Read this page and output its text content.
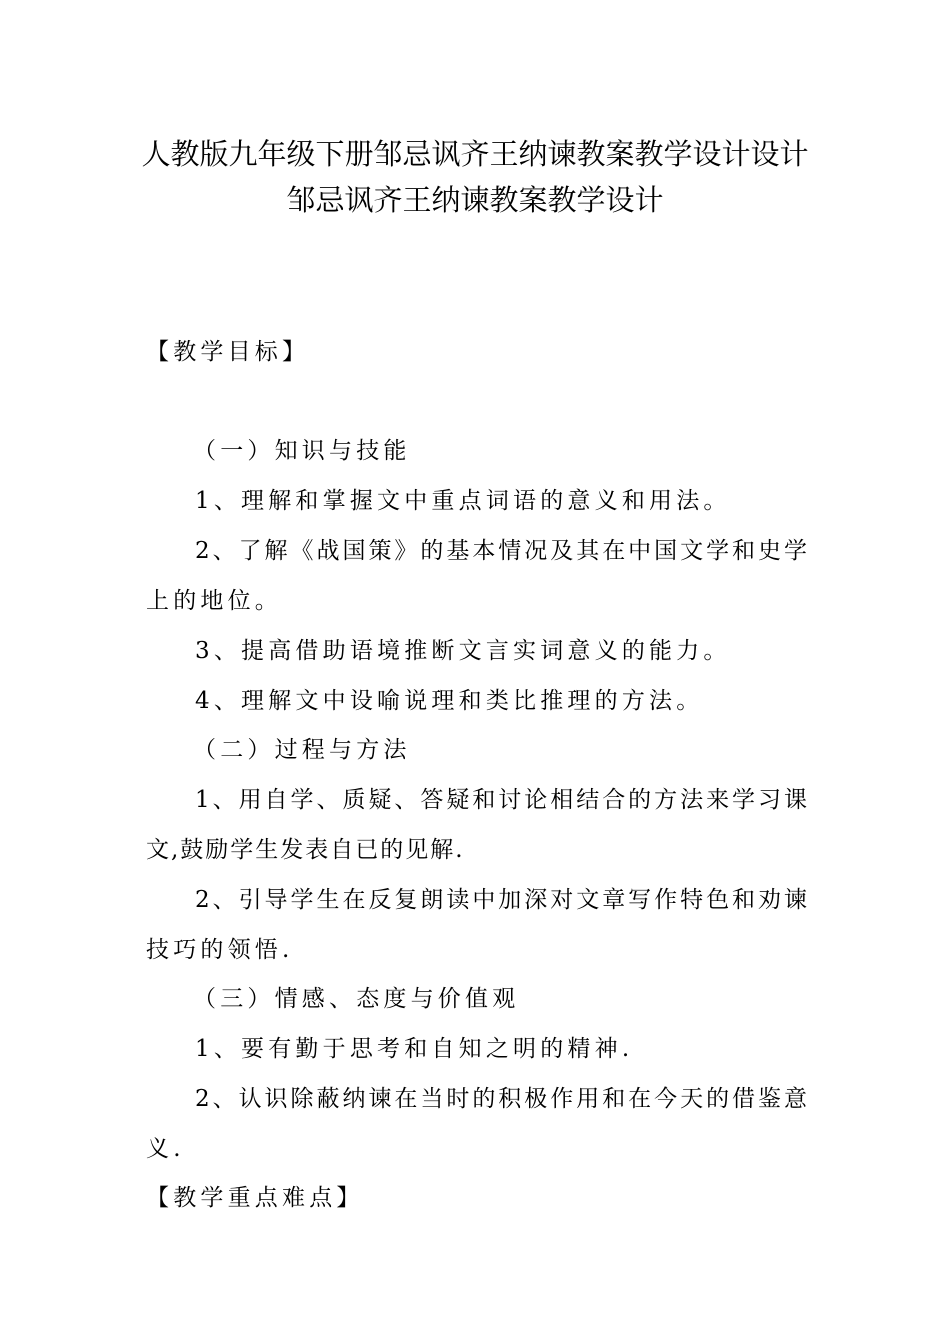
人教版九年级下册邹忌讽齐王纳谏教案教学设计设计
邹忌讽齐王纳谏教案教学设计
【教学目标】
（一）知识与技能
1、理解和掌握文中重点词语的意义和用法。
2、了解《战国策》的基本情况及其在中国文学和史学
上的地位。
3、提高借助语境推断文言实词意义的能力。
4、理解文中设喻说理和类比推理的方法。
（二）过程与方法
1、用自学、质疑、答疑和讨论相结合的方法来学习课
文,鼓励学生发表自已的见解.
2、引导学生在反复朗读中加深对文章写作特色和劝谏
技巧的领悟.
（三）情感、态度与价值观
1、要有勤于思考和自知之明的精神.
2、认识除蔽纳谏在当时的积极作用和在今天的借鉴意
义.
【教学重点难点】
